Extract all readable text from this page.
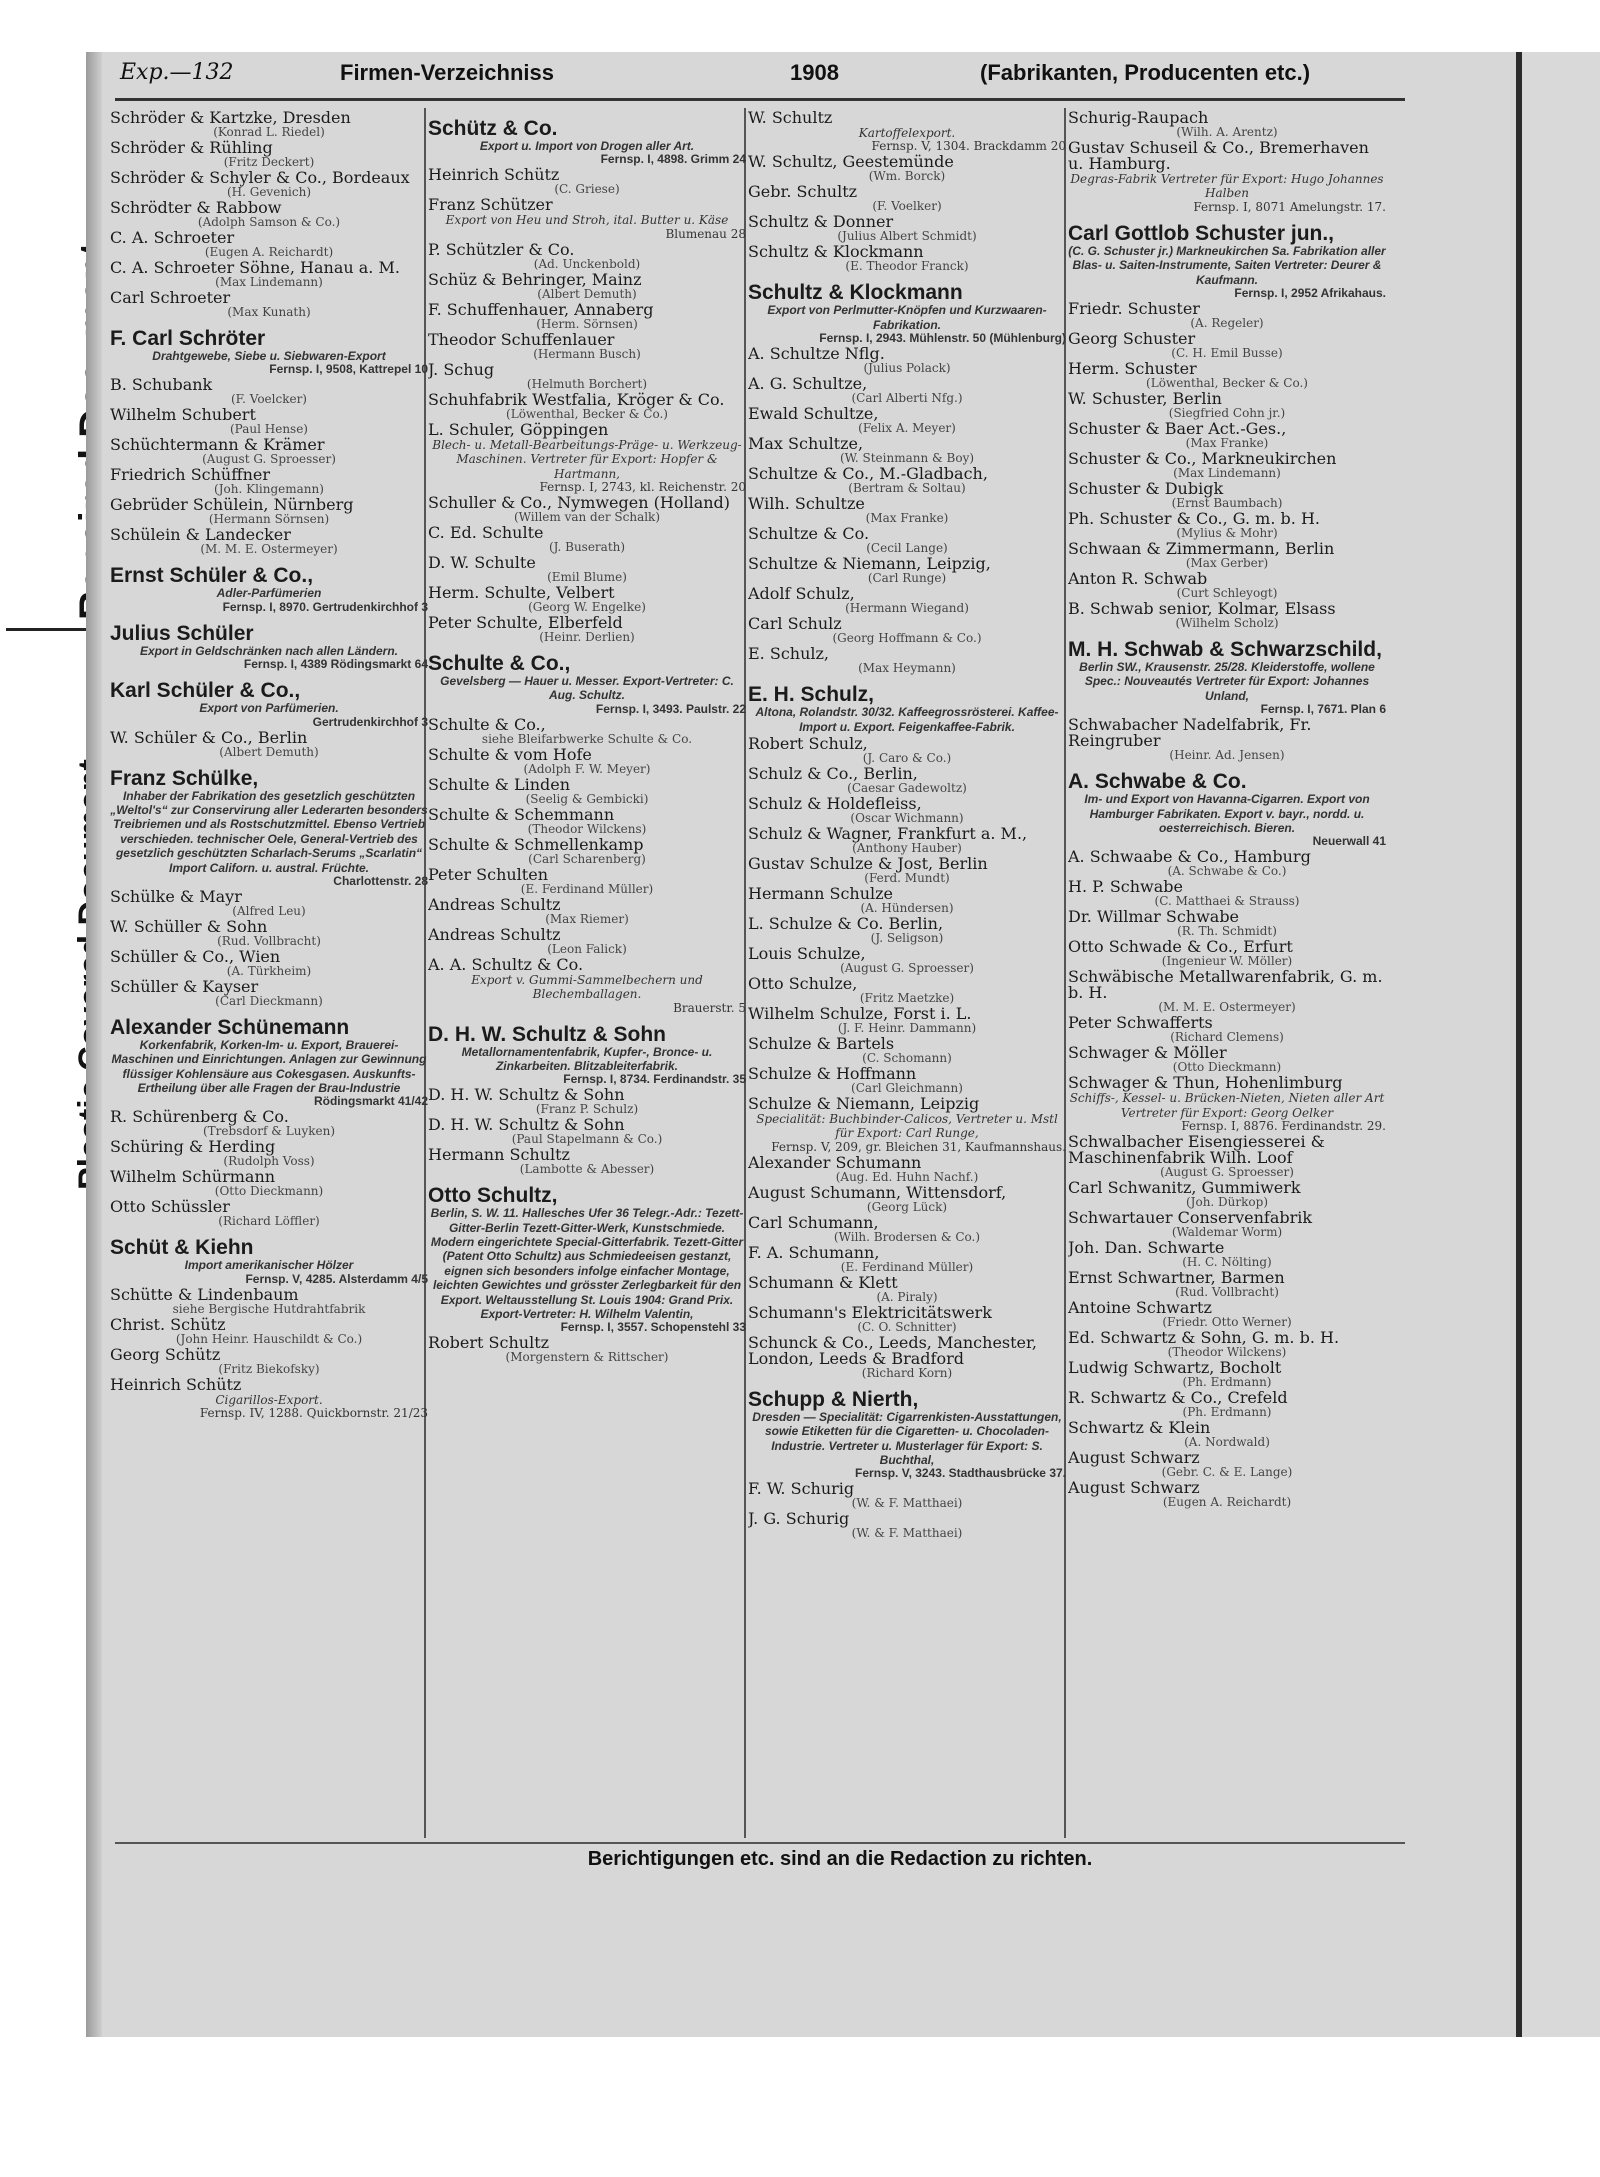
Exp.—132	Firmen-Verzeichniss	1908	(Fabrikanten, Producenten etc.)
Schröder & Kartzke, Dresden
(Konrad L. Riedel)
Schröder & Rühling
(Fritz Deckert)
Schröder & Schyler & Co., Bordeaux
(H. Gevenich)
Schrödter & Rabbow
(Adolph Samson & Co.)
C. A. Schroeter
(Eugen A. Reichardt)
C. A. Schroeter Söhne, Hanau a. M.
(Max Lindemann)
Carl Schroeter
(Max Kunath)
F. Carl Schröter
Drahtgewebe, Siebe u. Siebwaren-Export
Fernsp. I, 9508, Kattrepel 10
B. Schubank
(F. Voelcker)
Wilhelm Schubert
(Paul Hense)
Schüchtermann & Krämer
(August G. Sproesser)
Friedrich Schüffner
(Joh. Klingemann)
Gebrüder Schülein, Nürnberg
(Hermann Sörnsen)
Schülein & Landecker
(M. M. E. Ostermeyer)
Ernst Schüler & Co.,
Adler-Parfümerien
Fernsp. I, 8970. Gertrudenkirchhof 3
Julius Schüler
Export in Geldschränken nach allen Ländern.
Fernsp. I, 4389 Rödingsmarkt 64
Karl Schüler & Co.,
Export von Parfümerien.
Gertrudenkirchhof 3
W. Schüler & Co., Berlin
(Albert Demuth)
Franz Schülke,
Inhaber der Fabrikation des gesetzlich geschützten „Weltol's“ zur Conservirung aller Lederarten besonders Treibriemen und als Rostschutzmittel. Ebenso Vertrieb verschieden. technischer Oele, General-Vertrieb des gesetzlich geschützten Scharlach-Serums „Scarlatin“ Import Californ. u. austral. Früchte.
Charlottenstr. 28
Schülke & Mayr
(Alfred Leu)
W. Schüller & Sohn
(Rud. Vollbracht)
Schüller & Co., Wien
(A. Türkheim)
Schüller & Kayser
(Carl Dieckmann)
Alexander Schünemann
Korkenfabrik, Korken-Im- u. Export, Brauerei-Maschinen und Einrichtungen. Anlagen zur Gewinnung flüssiger Kohlensäure aus Cokesgasen. Auskunfts-Ertheilung über alle Fragen der Brau-Industrie
Rödingsmarkt 41/42
R. Schürenberg & Co.
(Trebsdorf & Luyken)
Schüring & Herding
(Rudolph Voss)
Wilhelm Schürmann
(Otto Dieckmann)
Otto Schüssler
(Richard Löffler)
Schüt & Kiehn
Import amerikanischer Hölzer
Fernsp. V, 4285. Alsterdamm 4/5
Schütte & Lindenbaum
siehe Bergische Hutdrahtfabrik
Christ. Schütz
(John Heinr. Hauschildt & Co.)
Georg Schütz
(Fritz Biekofsky)
Heinrich Schütz
Cigarillos-Export.
Fernsp. IV, 1288. Quickbornstr. 21/23
Schütz & Co.
Export u. Import von Drogen aller Art.
Fernsp. I, 4898. Grimm 24
Heinrich Schütz
(C. Griese)
Franz Schützer
Export von Heu und Stroh, ital. Butter u. Käse
Blumenau 28
P. Schützler & Co.
(Ad. Unckenbold)
Schüz & Behringer, Mainz
(Albert Demuth)
F. Schuffenhauer, Annaberg
(Herm. Sörnsen)
Theodor Schuffenlauer
(Hermann Busch)
J. Schug
(Helmuth Borchert)
Schuhfabrik Westfalia, Kröger & Co.
(Löwenthal, Becker & Co.)
L. Schuler, Göppingen
Blech- u. Metall-Bearbeitungs-Präge- u. Werkzeug-Maschinen. Vertreter für Export: Hopfer & Hartmann,
Fernsp. I, 2743, kl. Reichenstr. 20
Schuller & Co., Nymwegen (Holland)
(Willem van der Schalk)
C. Ed. Schulte
(J. Buserath)
D. W. Schulte
(Emil Blume)
Herm. Schulte, Velbert
(Georg W. Engelke)
Peter Schulte, Elberfeld
(Heinr. Derlien)
Schulte & Co.,
Gevelsberg — Hauer u. Messer. Export-Vertreter: C. Aug. Schultz.
Fernsp. I, 3493. Paulstr. 22
Schulte & Co.,
siehe Bleifarbwerke Schulte & Co.
Schulte & vom Hofe
(Adolph F. W. Meyer)
Schulte & Linden
(Seelig & Gembicki)
Schulte & Schemmann
(Theodor Wilckens)
Schulte & Schmellenkamp
(Carl Scharenberg)
Peter Schulten
(E. Ferdinand Müller)
Andreas Schultz
(Max Riemer)
Andreas Schultz
(Leon Falick)
A. A. Schultz & Co.
Export v. Gummi-Sammelbechern und Blechemballagen.
Brauerstr. 5
D. H. W. Schultz & Sohn
Metallornamentenfabrik, Kupfer-, Bronce- u. Zinkarbeiten. Blitzableiterfabrik.
Fernsp. I, 8734. Ferdinandstr. 35
D. H. W. Schultz & Sohn
(Franz P. Schulz)
D. H. W. Schultz & Sohn
(Paul Stapelmann & Co.)
Hermann Schultz
(Lambotte & Abesser)
Otto Schultz,
Berlin, S. W. 11. Hallesches Ufer 36 Telegr.-Adr.: Tezett-Gitter-Berlin Tezett-Gitter-Werk, Kunstschmiede. Modern eingerichtete Special-Gitterfabrik. Tezett-Gitter (Patent Otto Schultz) aus Schmiedeeisen gestanzt, eignen sich besonders infolge einfacher Montage, leichten Gewichtes und grösster Zerlegbarkeit für den Export. Weltausstellung St. Louis 1904: Grand Prix. Export-Vertreter: H. Wilhelm Valentin,
Fernsp. I, 3557. Schopenstehl 33
Robert Schultz
(Morgenstern & Rittscher)
W. Schultz
Kartoffelexport.
Fernsp. V, 1304. Brackdamm 20
W. Schultz, Geestemünde
(Wm. Borck)
Gebr. Schultz
(F. Voelker)
Schultz & Donner
(Julius Albert Schmidt)
Schultz & Klockmann
(E. Theodor Franck)
Schultz & Klockmann
Export von Perlmutter-Knöpfen und Kurzwaaren-Fabrikation.
Fernsp. I, 2943. Mühlenstr. 50 (Mühlenburg)
A. Schultze Nflg.
(Julius Polack)
A. G. Schultze,
(Carl Alberti Nfg.)
Ewald Schultze,
(Felix A. Meyer)
Max Schultze,
(W. Steinmann & Boy)
Schultze & Co., M.-Gladbach,
(Bertram & Soltau)
Wilh. Schultze
(Max Franke)
Schultze & Co.
(Cecil Lange)
Schultze & Niemann, Leipzig,
(Carl Runge)
Adolf Schulz,
(Hermann Wiegand)
Carl Schulz
(Georg Hoffmann & Co.)
E. Schulz,
(Max Heymann)
E. H. Schulz,
Altona, Rolandstr. 30/32. Kaffeegrossrösterei. Kaffee-Import u. Export. Feigenkaffee-Fabrik.
Robert Schulz,
(J. Caro & Co.)
Schulz & Co., Berlin,
(Caesar Gadewoltz)
Schulz & Holdefleiss,
(Oscar Wichmann)
Schulz & Wagner, Frankfurt a. M.,
(Anthony Hauber)
Gustav Schulze & Jost, Berlin
(Ferd. Mundt)
Hermann Schulze
(A. Hündersen)
L. Schulze & Co. Berlin,
(J. Seligson)
Louis Schulze,
(August G. Sproesser)
Otto Schulze,
(Fritz Maetzke)
Wilhelm Schulze, Forst i. L.
(J. F. Heinr. Dammann)
Schulze & Bartels
(C. Schomann)
Schulze & Hoffmann
(Carl Gleichmann)
Schulze & Niemann, Leipzig
Specialität: Buchbinder-Calicos, Vertreter u. Mstl für Export: Carl Runge,
Fernsp. V, 209, gr. Bleichen 31, Kaufmannshaus.
Alexander Schumann
(Aug. Ed. Huhn Nachf.)
August Schumann, Wittensdorf,
(Georg Lück)
Carl Schumann,
(Wilh. Brodersen & Co.)
F. A. Schumann,
(E. Ferdinand Müller)
Schumann & Klett
(A. Piraly)
Schumann's Elektricitätswerk
(C. O. Schnitter)
Schunck & Co., Leeds, Manchester, London, Leeds & Bradford
(Richard Korn)
Schupp & Nierth,
Dresden — Specialität: Cigarrenkisten-Ausstattungen, sowie Etiketten für die Cigaretten- u. Chocoladen-Industrie. Vertreter u. Musterlager für Export: S. Buchthal,
Fernsp. V, 3243. Stadthausbrücke 37.
F. W. Schurig
(W. & F. Matthaei)
J. G. Schurig
(W. & F. Matthaei)
Schurig-Raupach
(Wilh. A. Arentz)
Gustav Schuseil & Co., Bremerhaven u. Hamburg.
Degras-Fabrik Vertreter für Export: Hugo Johannes Halben
Fernsp. I, 8071 Amelungstr. 17.
Carl Gottlob Schuster jun.,
(C. G. Schuster jr.) Markneukirchen Sa. Fabrikation aller Blas- u. Saiten-Instrumente, Saiten Vertreter: Deurer & Kaufmann.
Fernsp. I, 2952 Afrikahaus.
Friedr. Schuster
(A. Regeler)
Georg Schuster
(C. H. Emil Busse)
Herm. Schuster
(Löwenthal, Becker & Co.)
W. Schuster, Berlin
(Siegfried Cohn jr.)
Schuster & Baer Act.-Ges.,
(Max Franke)
Schuster & Co., Markneukirchen
(Max Lindemann)
Schuster & Dubigk
(Ernst Baumbach)
Ph. Schuster & Co., G. m. b. H.
(Mylius & Mohr)
Schwaan & Zimmermann, Berlin
(Max Gerber)
Anton R. Schwab
(Curt Schleyogt)
B. Schwab senior, Kolmar, Elsass
(Wilhelm Scholz)
M. H. Schwab & Schwarzschild,
Berlin SW., Krausenstr. 25/28. Kleiderstoffe, wollene Spec.: Nouveautés Vertreter für Export: Johannes Unland,
Fernsp. I, 7671. Plan 6
Schwabacher Nadelfabrik, Fr. Reingruber
(Heinr. Ad. Jensen)
A. Schwabe & Co.
Im- und Export von Havanna-Cigarren. Export von Hamburger Fabrikaten. Export v. bayr., nordd. u. oesterreichisch. Bieren.
Neuerwall 41
A. Schwaabe & Co., Hamburg
(A. Schwabe & Co.)
H. P. Schwabe
(C. Matthaei & Strauss)
Dr. Willmar Schwabe
(R. Th. Schmidt)
Otto Schwade & Co., Erfurt
(Ingenieur W. Möller)
Schwäbische Metallwarenfabrik, G. m. b. H.
(M. M. E. Ostermeyer)
Peter Schwafferts
(Richard Clemens)
Schwager & Möller
(Otto Dieckmann)
Schwager & Thun, Hohenlimburg
Schiffs-, Kessel- u. Brücken-Nieten, Nieten aller Art Vertreter für Export: Georg Oelker
Fernsp. I, 8876. Ferdinandstr. 29.
Schwalbacher Eisengiesserei & Maschinenfabrik Wilh. Loof
(August G. Sproesser)
Carl Schwanitz, Gummiwerk
(Joh. Dürkop)
Schwartauer Conservenfabrik
(Waldemar Worm)
Joh. Dan. Schwarte
(H. C. Nölting)
Ernst Schwartner, Barmen
(Rud. Vollbracht)
Antoine Schwartz
(Friedr. Otto Werner)
Ed. Schwartz & Sohn, G. m. b. H.
(Theodor Wilckens)
Ludwig Schwartz, Bocholt
(Ph. Erdmann)
R. Schwartz & Co., Crefeld
(Ph. Erdmann)
Schwartz & Klein
(A. Nordwald)
August Schwarz
(Gebr. C. & E. Lange)
August Schwarz
(Eugen A. Reichardt)
Berichtigungen etc. sind an die Redaction zu richten.
